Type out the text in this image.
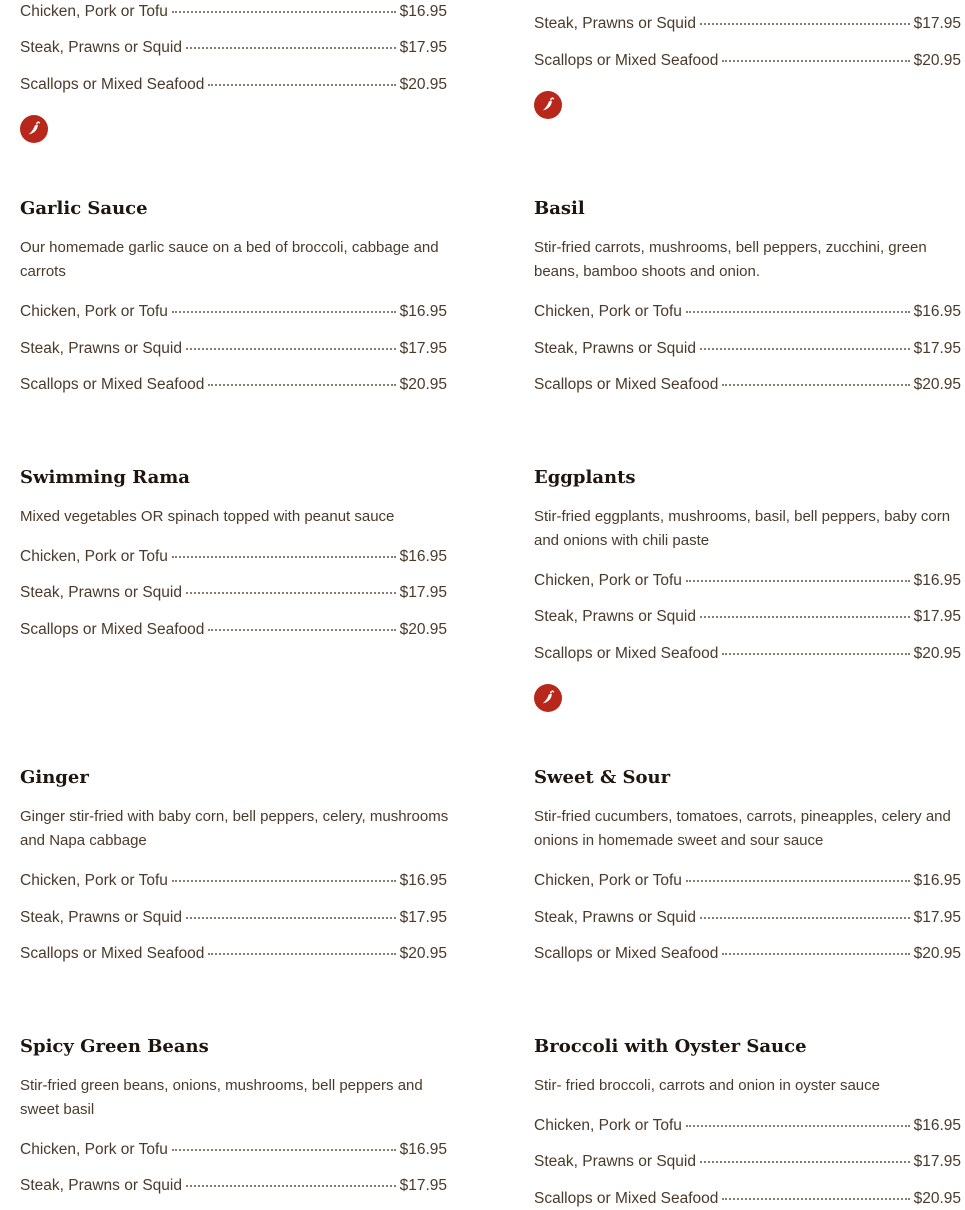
Chicken, Pork or Tofu	$16.95
Steak, Prawns or Squid	$17.95
Scallops or Mixed Seafood	$20.95
Steak, Prawns or Squid	$17.95
Scallops or Mixed Seafood	$20.95
Garlic Sauce

Our homemade garlic sauce on a bed of broccoli, cabbage and carrots

Chicken, Pork or Tofu	$16.95
Steak, Prawns or Squid	$17.95
Scallops or Mixed Seafood	$20.95
Basil

Stir-fried carrots, mushrooms, bell peppers, zucchini, green beans, bamboo shoots and onion.

Chicken, Pork or Tofu	$16.95
Steak, Prawns or Squid	$17.95
Scallops or Mixed Seafood	$20.95
Swimming Rama

Mixed vegetables OR spinach topped with peanut sauce

Chicken, Pork or Tofu	$16.95
Steak, Prawns or Squid	$17.95
Scallops or Mixed Seafood	$20.95
Eggplants

Stir-fried eggplants, mushrooms, basil, bell peppers, baby corn and onions with chili paste

Chicken, Pork or Tofu	$16.95
Steak, Prawns or Squid	$17.95
Scallops or Mixed Seafood	$20.95
Ginger

Ginger stir-fried with baby corn, bell peppers, celery, mushrooms and Napa cabbage

Chicken, Pork or Tofu	$16.95
Steak, Prawns or Squid	$17.95
Scallops or Mixed Seafood	$20.95
Sweet & Sour

Stir-fried cucumbers, tomatoes, carrots, pineapples, celery and onions in homemade sweet and sour sauce

Chicken, Pork or Tofu	$16.95
Steak, Prawns or Squid	$17.95
Scallops or Mixed Seafood	$20.95
Spicy Green Beans

Stir-fried green beans, onions, mushrooms, bell peppers and sweet basil

Chicken, Pork or Tofu	$16.95
Steak, Prawns or Squid	$17.95
Broccoli with Oyster Sauce

Stir- fried broccoli, carrots and onion in oyster sauce

Chicken, Pork or Tofu	$16.95
Steak, Prawns or Squid	$17.95
Scallops or Mixed Seafood	$20.95
